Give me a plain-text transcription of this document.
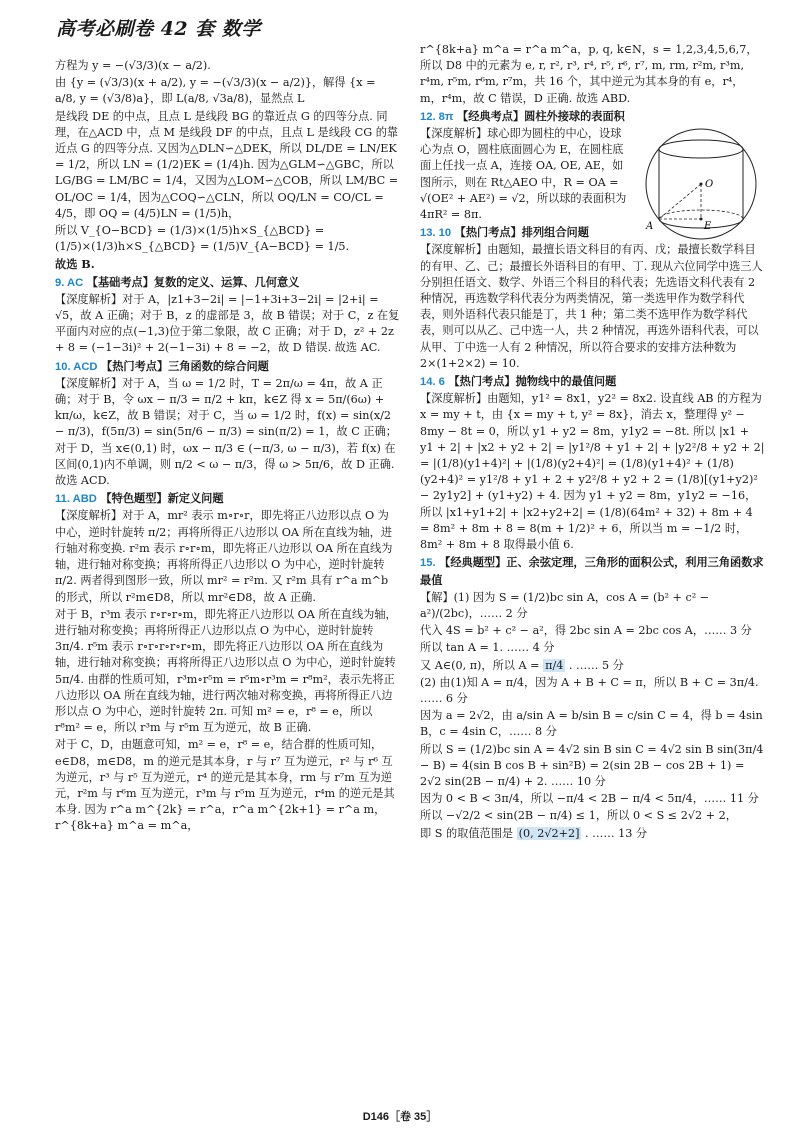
高考必刷卷 42 套 数学

方程为 y = −(√3/3)(x − a/2).

由 {y = (√3/3)(x + a/2), y = −(√3/3)(x − a/2)}，解得 {x = a/8, y = (√3/8)a}，即 L(a/8, √3a/8)，显然点 L

是线段 DE 的中点，且点 L 是线段 BG 的靠近点 G 的四等分点. 同理，在△ACD 中，点 M 是线段 DF 的中点，且点 L 是线段 CG 的靠近点 G 的四等分点. 又因为△DLN∽△DEK，所以 DL/DE = LN/EK = 1/2，所以 LN = (1/2)EK = (1/4)h. 因为△GLM∽△GBC，所以 LG/BG = LM/BC = 1/4，又因为△LOM∽△COB，所以 LM/BC = OL/OC = 1/4，因为△COQ∽△CLN，所以 OQ/LN = CO/CL = 4/5，即 OQ = (4/5)LN = (1/5)h，

所以 V_{O−BCD} = (1/3)×(1/5)h×S_{△BCD} = (1/5)×(1/3)h×S_{△BCD} = (1/5)V_{A−BCD} = 1/5.

故选 B.

9. AC 【基础考点】复数的定义、运算、几何意义

【深度解析】对于 A，|z1+3−2i| = |−1+3i+3−2i| = |2+i| = √5，故 A 正确；对于 B，z 的虚部是 3，故 B 错误；对于 C，z 在复平面内对应的点(−1,3)位于第二象限，故 C 正确；对于 D，z² + 2z + 8 = (−1−3i)² + 2(−1−3i) + 8 = −2，故 D 错误. 故选 AC.

10. ACD 【热门考点】三角函数的综合问题

【深度解析】对于 A，当 ω = 1/2 时，T = 2π/ω = 4π，故 A 正确；对于 B，令 ωx − π/3 = π/2 + kπ，k∈Z 得 x = 5π/(6ω) + kπ/ω，k∈Z，故 B 错误；对于 C，当 ω = 1/2 时，f(x) = sin(x/2 − π/3)，f(5π/3) = sin(5π/6 − π/3) = sin(π/2) = 1，故 C 正确；对于 D，当 x∈(0,1) 时，ωx − π/3 ∈ (−π/3, ω − π/3)，若 f(x) 在区间(0,1)内不单调，则 π/2 < ω − π/3，得 ω > 5π/6，故 D 正确. 故选 ACD.

11. ABD 【特色题型】新定义问题

【深度解析】对于 A，mr² 表示 m∘r∘r，即先将正八边形以点 O 为中心，逆时针旋转 π/2；再将所得正八边形以 OA 所在直线为轴，进行轴对称变换. r²m 表示 r∘r∘m，即先将正八边形以 OA 所在直线为轴，进行轴对称变换；再将所得正八边形以 O 为中心，逆时针旋转 π/2. 两者得到图形一致，所以 mr² = r²m. 又 r²m 具有 r^a m^b 的形式，所以 r²m∈D8，所以 mr²∈D8，故 A 正确.

对于 B，r³m 表示 r∘r∘r∘m，即先将正八边形以 OA 所在直线为轴，进行轴对称变换；再将所得正八边形以点 O 为中心，逆时针旋转 3π/4. r⁵m 表示 r∘r∘r∘r∘r∘m，即先将正八边形以 OA 所在直线为轴，进行轴对称变换；再将所得正八边形以点 O 为中心，逆时针旋转 5π/4. 由群的性质可知，r³m∘r⁵m = r⁵m∘r³m = r⁸m²，表示先将正八边形以 OA 所在直线为轴，进行两次轴对称变换，再将所得正八边形以点 O 为中心，逆时针旋转 2π. 可知 m² = e，r⁸ = e，所以 r⁸m² = e，所以 r³m 与 r⁵m 互为逆元，故 B 正确.

对于 C，D，由题意可知，m² = e，r⁸ = e，结合群的性质可知，e∈D8，m∈D8，m 的逆元是其本身，r 与 r⁷ 互为逆元，r² 与 r⁶ 互为逆元，r³ 与 r⁵ 互为逆元，r⁴ 的逆元是其本身，rm 与 r⁷m 互为逆元，r²m 与 r⁶m 互为逆元，r³m 与 r⁵m 互为逆元，r⁴m 的逆元是其本身. 因为 r^a m^{2k} = r^a，r^a m^{2k+1} = r^a m，r^{8k+a} m^a = m^a，

r^{8k+a} m^a = r^a m^a，p, q, k∈N，s = 1,2,3,4,5,6,7，所以 D8 中的元素为 e, r, r², r³, r⁴, r⁵, r⁶, r⁷, m, rm, r²m, r³m, r⁴m, r⁵m, r⁶m, r⁷m，共 16 个，其中逆元为其本身的有 e，r⁴，m，r⁴m，故 C 错误，D 正确. 故选 ABD.

12. 8π 【经典考点】圆柱外接球的表面积

【深度解析】球心即为圆柱的中心，设球心为点 O，圆柱底面圆心为 E，在圆柱底面上任找一点 A，连接 OA, OE, AE，如图所示，则在 Rt△AEO 中，R = OA = √(OE² + AE²) = √2，所以球的表面积为 4πR² = 8π.

13. 10 【热门考点】排列组合问题

【深度解析】由题知，最擅长语文科目的有丙、戊；最擅长数学科目的有甲、乙、己；最擅长外语科目的有甲、丁. 现从六位同学中选三人分别担任语文、数学、外语三个科目的科代表；先选语文科代表有 2 种情况，再选数学科代表分为两类情况，第一类选甲作为数学科代表，则外语科代表只能是丁，共 1 种；第二类不选甲作为数学科代表，则可以从乙、己中选一人，共 2 种情况，再选外语科代表，可以从甲、丁中选一人有 2 种情况，所以符合要求的安排方法种数为 2×(1+2×2) = 10.

14. 6 【热门考点】抛物线中的最值问题

【深度解析】由题知，y1² = 8x1，y2² = 8x2. 设直线 AB 的方程为 x = my + t，由 {x = my + t, y² = 8x}，消去 x，整理得 y² − 8my − 8t = 0，所以 y1 + y2 = 8m，y1y2 = −8t. 所以 |x1 + y1 + 2| + |x2 + y2 + 2| = |y1²/8 + y1 + 2| + |y2²/8 + y2 + 2| = |(1/8)(y1+4)²| + |(1/8)(y2+4)²| = (1/8)(y1+4)² + (1/8)(y2+4)² = y1²/8 + y1 + 2 + y2²/8 + y2 + 2 = (1/8)[(y1+y2)² − 2y1y2] + (y1+y2) + 4. 因为 y1 + y2 = 8m，y1y2 = −16，所以 |x1+y1+2| + |x2+y2+2| = (1/8)(64m² + 32) + 8m + 4 = 8m² + 8m + 8 = 8(m + 1/2)² + 6，所以当 m = −1/2 时，8m² + 8m + 8 取得最小值 6.

15. 【经典题型】正、余弦定理，三角形的面积公式，利用三角函数求最值

【解】(1) 因为 S = (1/2)bc sin A，cos A = (b² + c² − a²)/(2bc)，…… 2 分

代入 4S = b² + c² − a²，得 2bc sin A = 2bc cos A，…… 3 分

所以 tan A = 1. …… 4 分

又 A∈(0, π)，所以 A = π/4 . …… 5 分

(2) 由(1)知 A = π/4，因为 A + B + C = π，所以 B + C = 3π/4. …… 6 分

因为 a = 2√2，由 a/sin A = b/sin B = c/sin C = 4，得 b = 4sin B，c = 4sin C，…… 8 分

所以 S = (1/2)bc sin A = 4√2 sin B sin C = 4√2 sin B sin(3π/4 − B) = 4(sin B cos B + sin²B) = 2(sin 2B − cos 2B + 1) = 2√2 sin(2B − π/4) + 2. …… 10 分

因为 0 < B < 3π/4，所以 −π/4 < 2B − π/4 < 5π/4，…… 11 分

所以 −√2/2 < sin(2B − π/4) ≤ 1，所以 0 < S ≤ 2√2 + 2，

即 S 的取值范围是 (0, 2√2+2] . …… 13 分

O
E
A
D146［卷 35］
